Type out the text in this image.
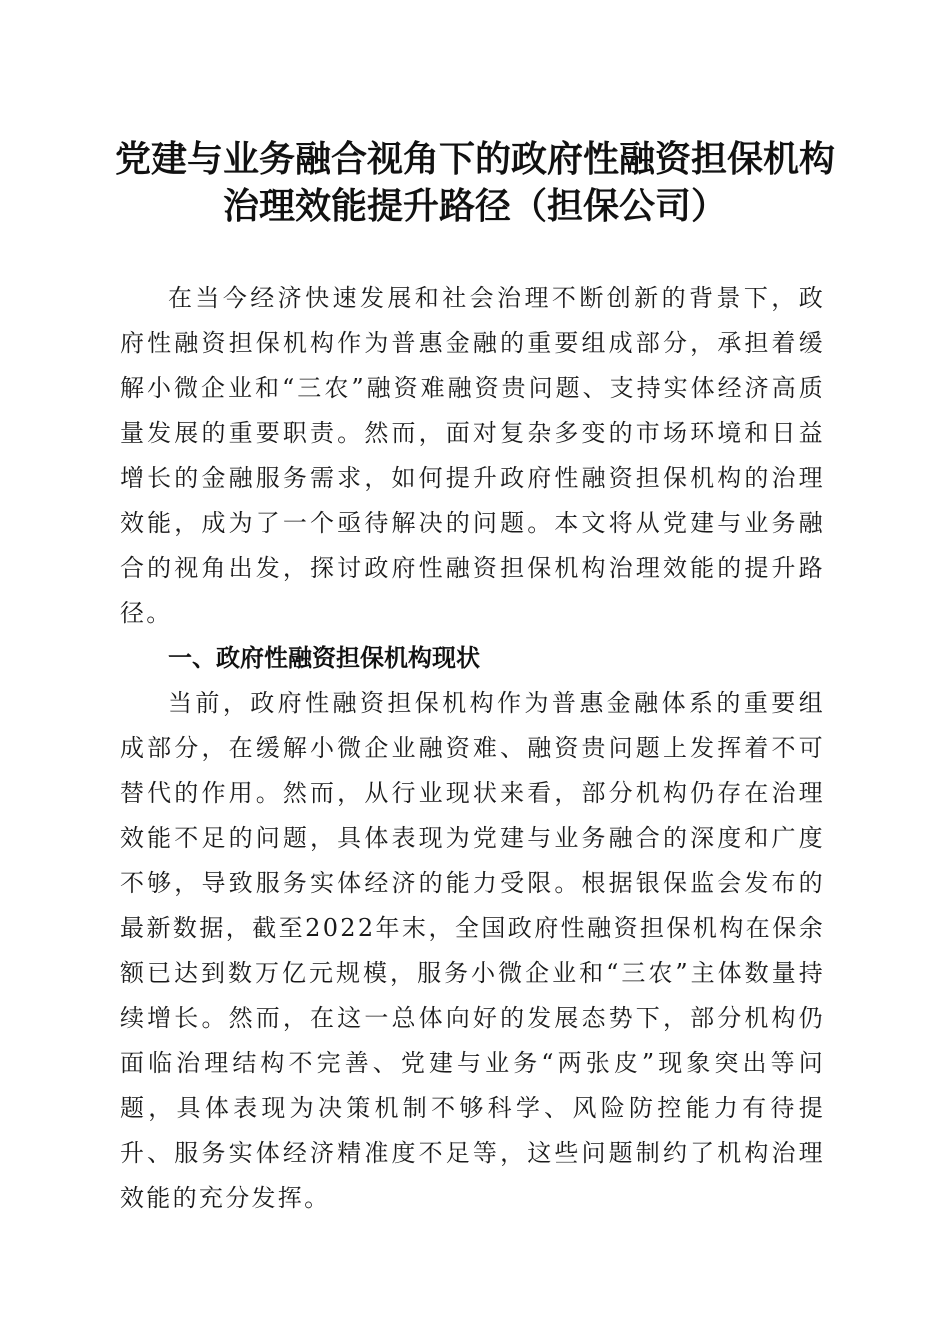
党建与业务融合视角下的政府性融资担保机构
治理效能提升路径（担保公司）

在当今经济快速发展和社会治理不断创新的背景下，政府性融资担保机构作为普惠金融的重要组成部分，承担着缓解小微企业和“三农”融资难融资贵问题、支持实体经济高质量发展的重要职责。然而，面对复杂多变的市场环境和日益增长的金融服务需求，如何提升政府性融资担保机构的治理效能，成为了一个亟待解决的问题。本文将从党建与业务融合的视角出发，探讨政府性融资担保机构治理效能的提升路径。

一、政府性融资担保机构现状

当前，政府性融资担保机构作为普惠金融体系的重要组成部分，在缓解小微企业融资难、融资贵问题上发挥着不可替代的作用。然而，从行业现状来看，部分机构仍存在治理效能不足的问题，具体表现为党建与业务融合的深度和广度不够，导致服务实体经济的能力受限。根据银保监会发布的最新数据，截至2022年末，全国政府性融资担保机构在保余额已达到数万亿元规模，服务小微企业和“三农”主体数量持续增长。然而，在这一总体向好的发展态势下，部分机构仍面临治理结构不完善、党建与业务“两张皮”现象突出等问题，具体表现为决策机制不够科学、风险防控能力有待提升、服务实体经济精准度不足等，这些问题制约了机构治理效能的充分发挥。
